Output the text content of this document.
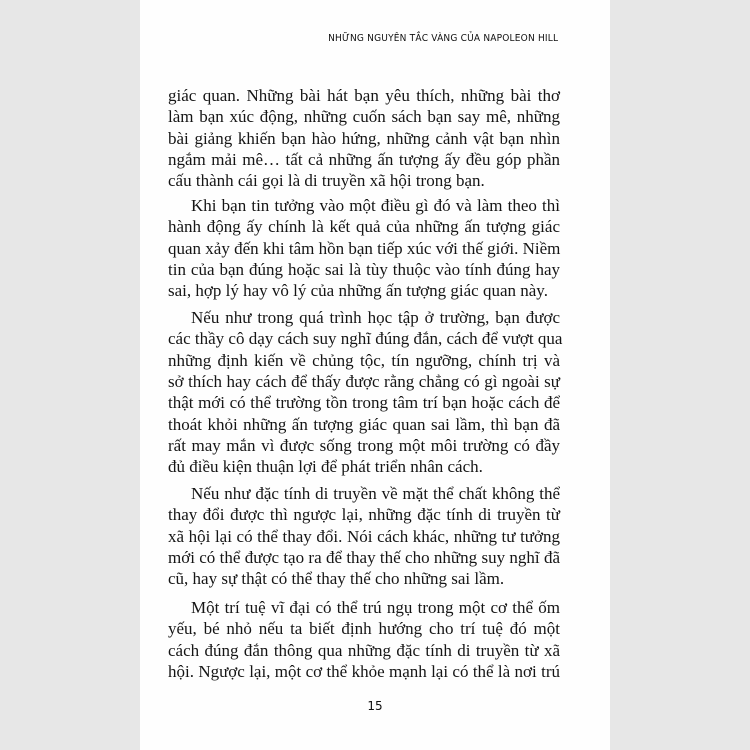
NHỮNG NGUYÊN TẮC VÀNG CỦA NAPOLEON HILL
giác quan. Những bài hát bạn yêu thích, những bài thơ
làm bạn xúc động, những cuốn sách bạn say mê, những
bài giảng khiến bạn hào hứng, những cảnh vật bạn nhìn
ngắm mải mê… tất cả những ấn tượng ấy đều góp phần
cấu thành cái gọi là di truyền xã hội trong bạn.
Khi bạn tin tưởng vào một điều gì đó và làm theo thì
hành động ấy chính là kết quả của những ấn tượng giác
quan xảy đến khi tâm hồn bạn tiếp xúc với thế giới. Niềm
tin của bạn đúng hoặc sai là tùy thuộc vào tính đúng hay
sai, hợp lý hay vô lý của những ấn tượng giác quan này.
Nếu như trong quá trình học tập ở trường, bạn được
các thầy cô dạy cách suy nghĩ đúng đắn, cách để vượt qua
những định kiến về chủng tộc, tín ngưỡng, chính trị và
sở thích hay cách để thấy được rằng chẳng có gì ngoài sự
thật mới có thể trường tồn trong tâm trí bạn hoặc cách để
thoát khỏi những ấn tượng giác quan sai lầm, thì bạn đã
rất may mắn vì được sống trong một môi trường có đầy
đủ điều kiện thuận lợi để phát triển nhân cách.
Nếu như đặc tính di truyền về mặt thể chất không thể
thay đổi được thì ngược lại, những đặc tính di truyền từ
xã hội lại có thể thay đổi. Nói cách khác, những tư tưởng
mới có thể được tạo ra để thay thế cho những suy nghĩ đã
cũ, hay sự thật có thể thay thế cho những sai lầm.
Một trí tuệ vĩ đại có thể trú ngụ trong một cơ thể ốm
yếu, bé nhỏ nếu ta biết định hướng cho trí tuệ đó một
cách đúng đắn thông qua những đặc tính di truyền từ xã
hội. Ngược lại, một cơ thể khỏe mạnh lại có thể là nơi trú
15
